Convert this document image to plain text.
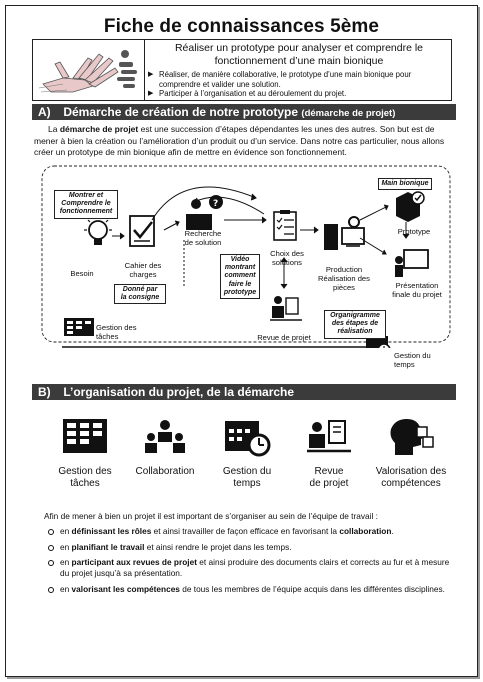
Fiche de connaissances 5ème
Réaliser un prototype pour analyser et comprendre le
fonctionnement d’une main bionique
▶ Réaliser, de manière collaborative, le prototype d’une main bionique pour comprendre et valider une solution.
▶ Participer à l’organisation et au déroulement du projet.
A) Démarche de création de notre prototype (démarche de projet)
La démarche de projet est une succession d’étapes dépendantes les unes des autres. Son but est de mener à bien la création ou l’amélioration d’un produit ou d’un service. Dans notre cas particulier, nous allons créer un prototype de min bionique afin de mettre en évidence son fonctionnement.
?
Besoin
Cahier des
charges
Recherche
de solution
Choix des
solutions
Production
Réalisation des
pièces
Prototype
Présentation
finale du projet
Revue de projet
Gestion des
tâches
Gestion du
temps
Montrer et
Comprendre le
fonctionnement
Donné par
la consigne
Vidéo
montrant
comment
faire le
prototype
Organigramme
des étapes de
réalisation
Main bionique
B) L’organisation du projet, de la démarche
Gestion des
tâches
Collaboration	Gestion du
temps
Revue
de projet
Valorisation des
compétences
Afin de mener à bien un projet il est important de s’organiser au sein de l’équipe de travail :
en définissant les rôles et ainsi travailler de façon efficace en favorisant la collaboration.
en planifiant le travail et ainsi rendre le projet dans les temps.
en participant aux revues de projet et ainsi produire des documents clairs et corrects au fur et à mesure du projet jusqu’à sa présentation.
en valorisant les compétences de tous les membres de l’équipe acquis dans les différentes disciplines.
